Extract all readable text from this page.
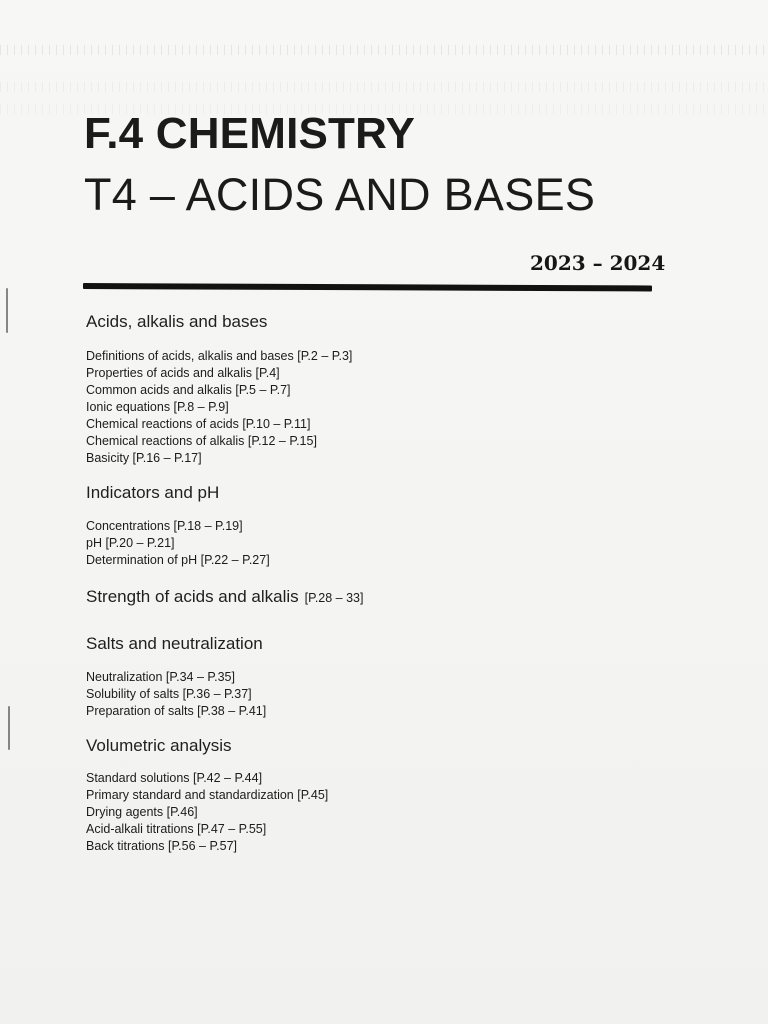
F.4 CHEMISTRY
T4 – ACIDS AND BASES
2023 – 2024
Acids, alkalis and bases
Definitions of acids, alkalis and bases [P.2 – P.3]
Properties of acids and alkalis [P.4]
Common acids and alkalis [P.5 – P.7]
Ionic equations [P.8 – P.9]
Chemical reactions of acids [P.10 – P.11]
Chemical reactions of alkalis [P.12 – P.15]
Basicity [P.16 – P.17]
Indicators and pH
Concentrations [P.18 – P.19]
pH [P.20 – P.21]
Determination of pH [P.22 – P.27]
Strength of acids and alkalis [P.28 – 33]
Salts and neutralization
Neutralization [P.34 – P.35]
Solubility of salts [P.36 – P.37]
Preparation of salts [P.38 – P.41]
Volumetric analysis
Standard solutions [P.42 – P.44]
Primary standard and standardization [P.45]
Drying agents [P.46]
Acid-alkali titrations [P.47 – P.55]
Back titrations [P.56 – P.57]
